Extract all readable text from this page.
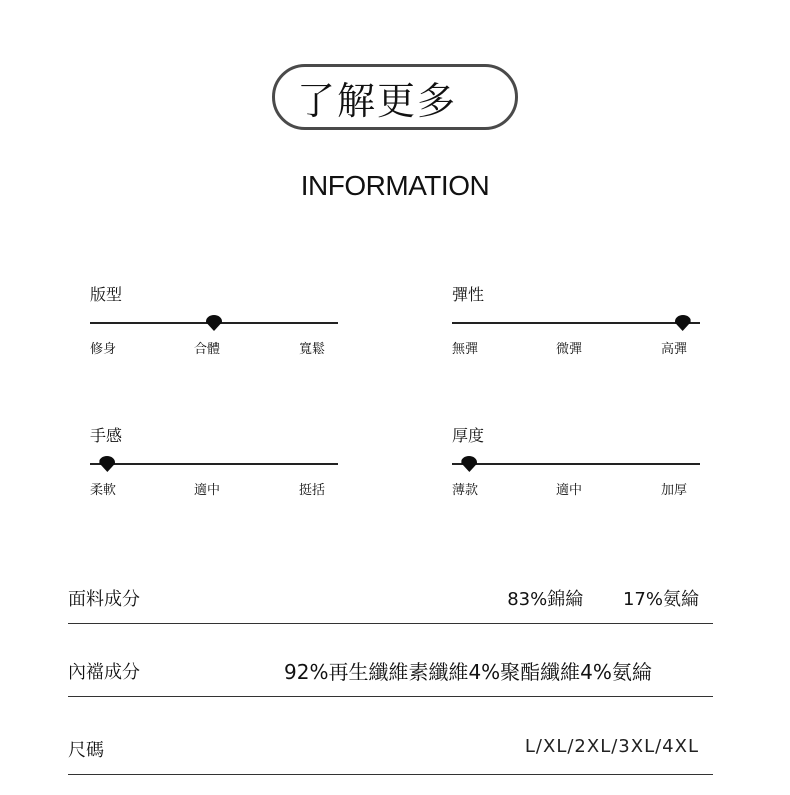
了解更多
INFORMATION
版型
修身	合體	寬鬆
彈性
無彈	微彈	高彈
手感
柔軟	適中	挺括
厚度
薄款	適中	加厚
面料成分	83%錦綸 17%氨綸
內襠成分	92%再生纖維素纖維4%聚酯纖維4%氨綸
尺碼	L/XL/2XL/3XL/4XL
